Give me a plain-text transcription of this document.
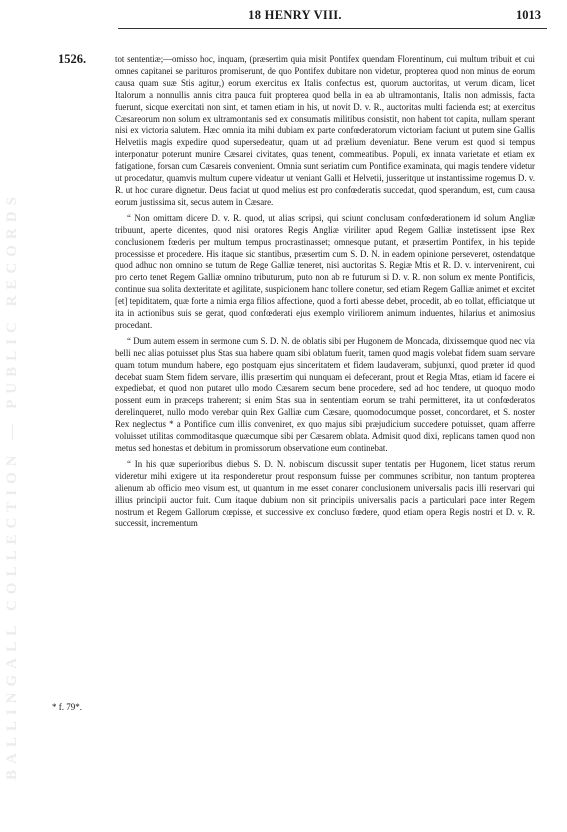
BALLINGALL COLLECTION — PUBLIC RECORDS
18 HENRY VIII.	1013
1526.
* f. 79*.

tot sententiæ;—omisso hoc, inquam, (præsertim quia misit Pontifex quendam Florentinum, cui multum tribuit et cui omnes capitanei se parituros promiserunt, de quo Pontifex dubitare non videtur, propterea quod non minus de eorum causa quam suæ Stis agitur,) eorum exercitus ex Italis confectus est, quorum auctoritas, ut verum dicam, licet Italorum a nonnullis annis citra pauca fuit propterea quod bella in ea ab ultramontanis, Italis non admissis, facta fuerunt, sicque exercitati non sint, et tamen etiam in his, ut novit D. v. R., auctoritas multi facienda est; at exercitus Cæsareorum non solum ex ultramontanis sed ex consumatis militibus consistit, non habent tot capita, nullam sperant nisi ex victoria salutem. Hæc omnia ita mihi dubiam ex parte confœderatorum victoriam faciunt ut putem sine Gallis Helvetiis magis expedire quod supersedeatur, quam ut ad prælium deveniatur. Bene verum est quod si tempus interponatur poterunt munire Cæsarei civitates, quas tenent, commeatibus. Populi, ex innata varietate et etiam ex fatigatione, forsan cum Cæsareis convenient. Omnia sunt seriatim cum Pontifice examinata, qui magis tendere videtur ut procedatur, quamvis multum cupere videatur ut veniant Galli et Helvetii, jusseritque ut instantissime rogemus D. v. R. ut hoc curare dignetur. Deus faciat ut quod melius est pro confœderatis succedat, quod sperandum, est, cum causa eorum justissima sit, secus autem in Cæsare.

“ Non omittam dicere D. v. R. quod, ut alias scripsi, qui sciunt conclusam confœderationem id solum Angliæ tribuunt, aperte dicentes, quod nisi oratores Regis Angliæ viriliter apud Regem Galliæ instetissent ipse Rex conclusionem fœderis per multum tempus procrastinasset; omnesque putant, et præsertim Pontifex, in his tepide processisse et procedere. His itaque sic stantibus, præsertim cum S. D. N. in eadem opinione perseveret, ostendatque quod adhuc non omnino se tutum de Rege Galliæ teneret, nisi auctoritas S. Regiæ Mtis et R. D. v. intervenirent, cui pro certo tenet Regem Galliæ omnino tributurum, puto non ab re futurum si D. v. R. non solum ex mente Pontificis, continue sua solita dexteritate et agilitate, suspicionem hanc tollere conetur, sed etiam Regem Galliæ animet et excitet [et] tepiditatem, quæ forte a nimia erga filios affectione, quod a forti abesse debet, procedit, ab eo tollat, efficiatque ut ita in actionibus suis se gerat, quod confœderati ejus exemplo viriliorem animum induentes, hilarius et animosius procedant.

“ Dum autem essem in sermone cum S. D. N. de oblatis sibi per Hugonem de Moncada, dixissemque quod nec via belli nec alias potuisset plus Stas sua habere quam sibi oblatum fuerit, tamen quod magis volebat fidem suam servare quam totum mundum habere, ego postquam ejus sinceritatem et fidem laudaveram, subjunxi, quod præter id quod decebat suam Stem fidem servare, illis præsertim qui nunquam ei defecerant, prout et Regia Mtas, etiam id facere ei expediebat, et quod non putaret ullo modo Cæsarem secum bene procedere, sed ad hoc tendere, ut quoquo modo possent eum in præceps traherent; si enim Stas sua in sententiam eorum se trahi permitteret, ita ut confœderatos derelinqueret, nullo modo verebar quin Rex Galliæ cum Cæsare, quomodocumque posset, concordaret, et S. noster Rex neglectus * a Pontifice cum illis conveniret, ex quo majus sibi præjudicium succedere potuisset, quam afferre voluisset utilitas commoditasque quæcumque sibi per Cæsarem oblata. Admisit quod dixi, replicans tamen quod non metus sed honestas et debitum in promissorum observatione eum continebat.

“ In his quæ superioribus diebus S. D. N. nobiscum discussit super tentatis per Hugonem, licet status rerum videretur mihi exigere ut ita responderetur prout responsum fuisse per communes scribitur, non tantum propterea alienum ab officio meo visum est, ut quantum in me esset conarer conclusionem universalis pacis illi reservari qui illius principii auctor fuit. Cum itaque dubium non sit principiis universalis pacis a particulari pace inter Regem nostrum et Regem Gallorum cœpisse, et successive ex concluso fœdere, quod etiam opera Regis nostri et D. v. R. successit, incrementum
